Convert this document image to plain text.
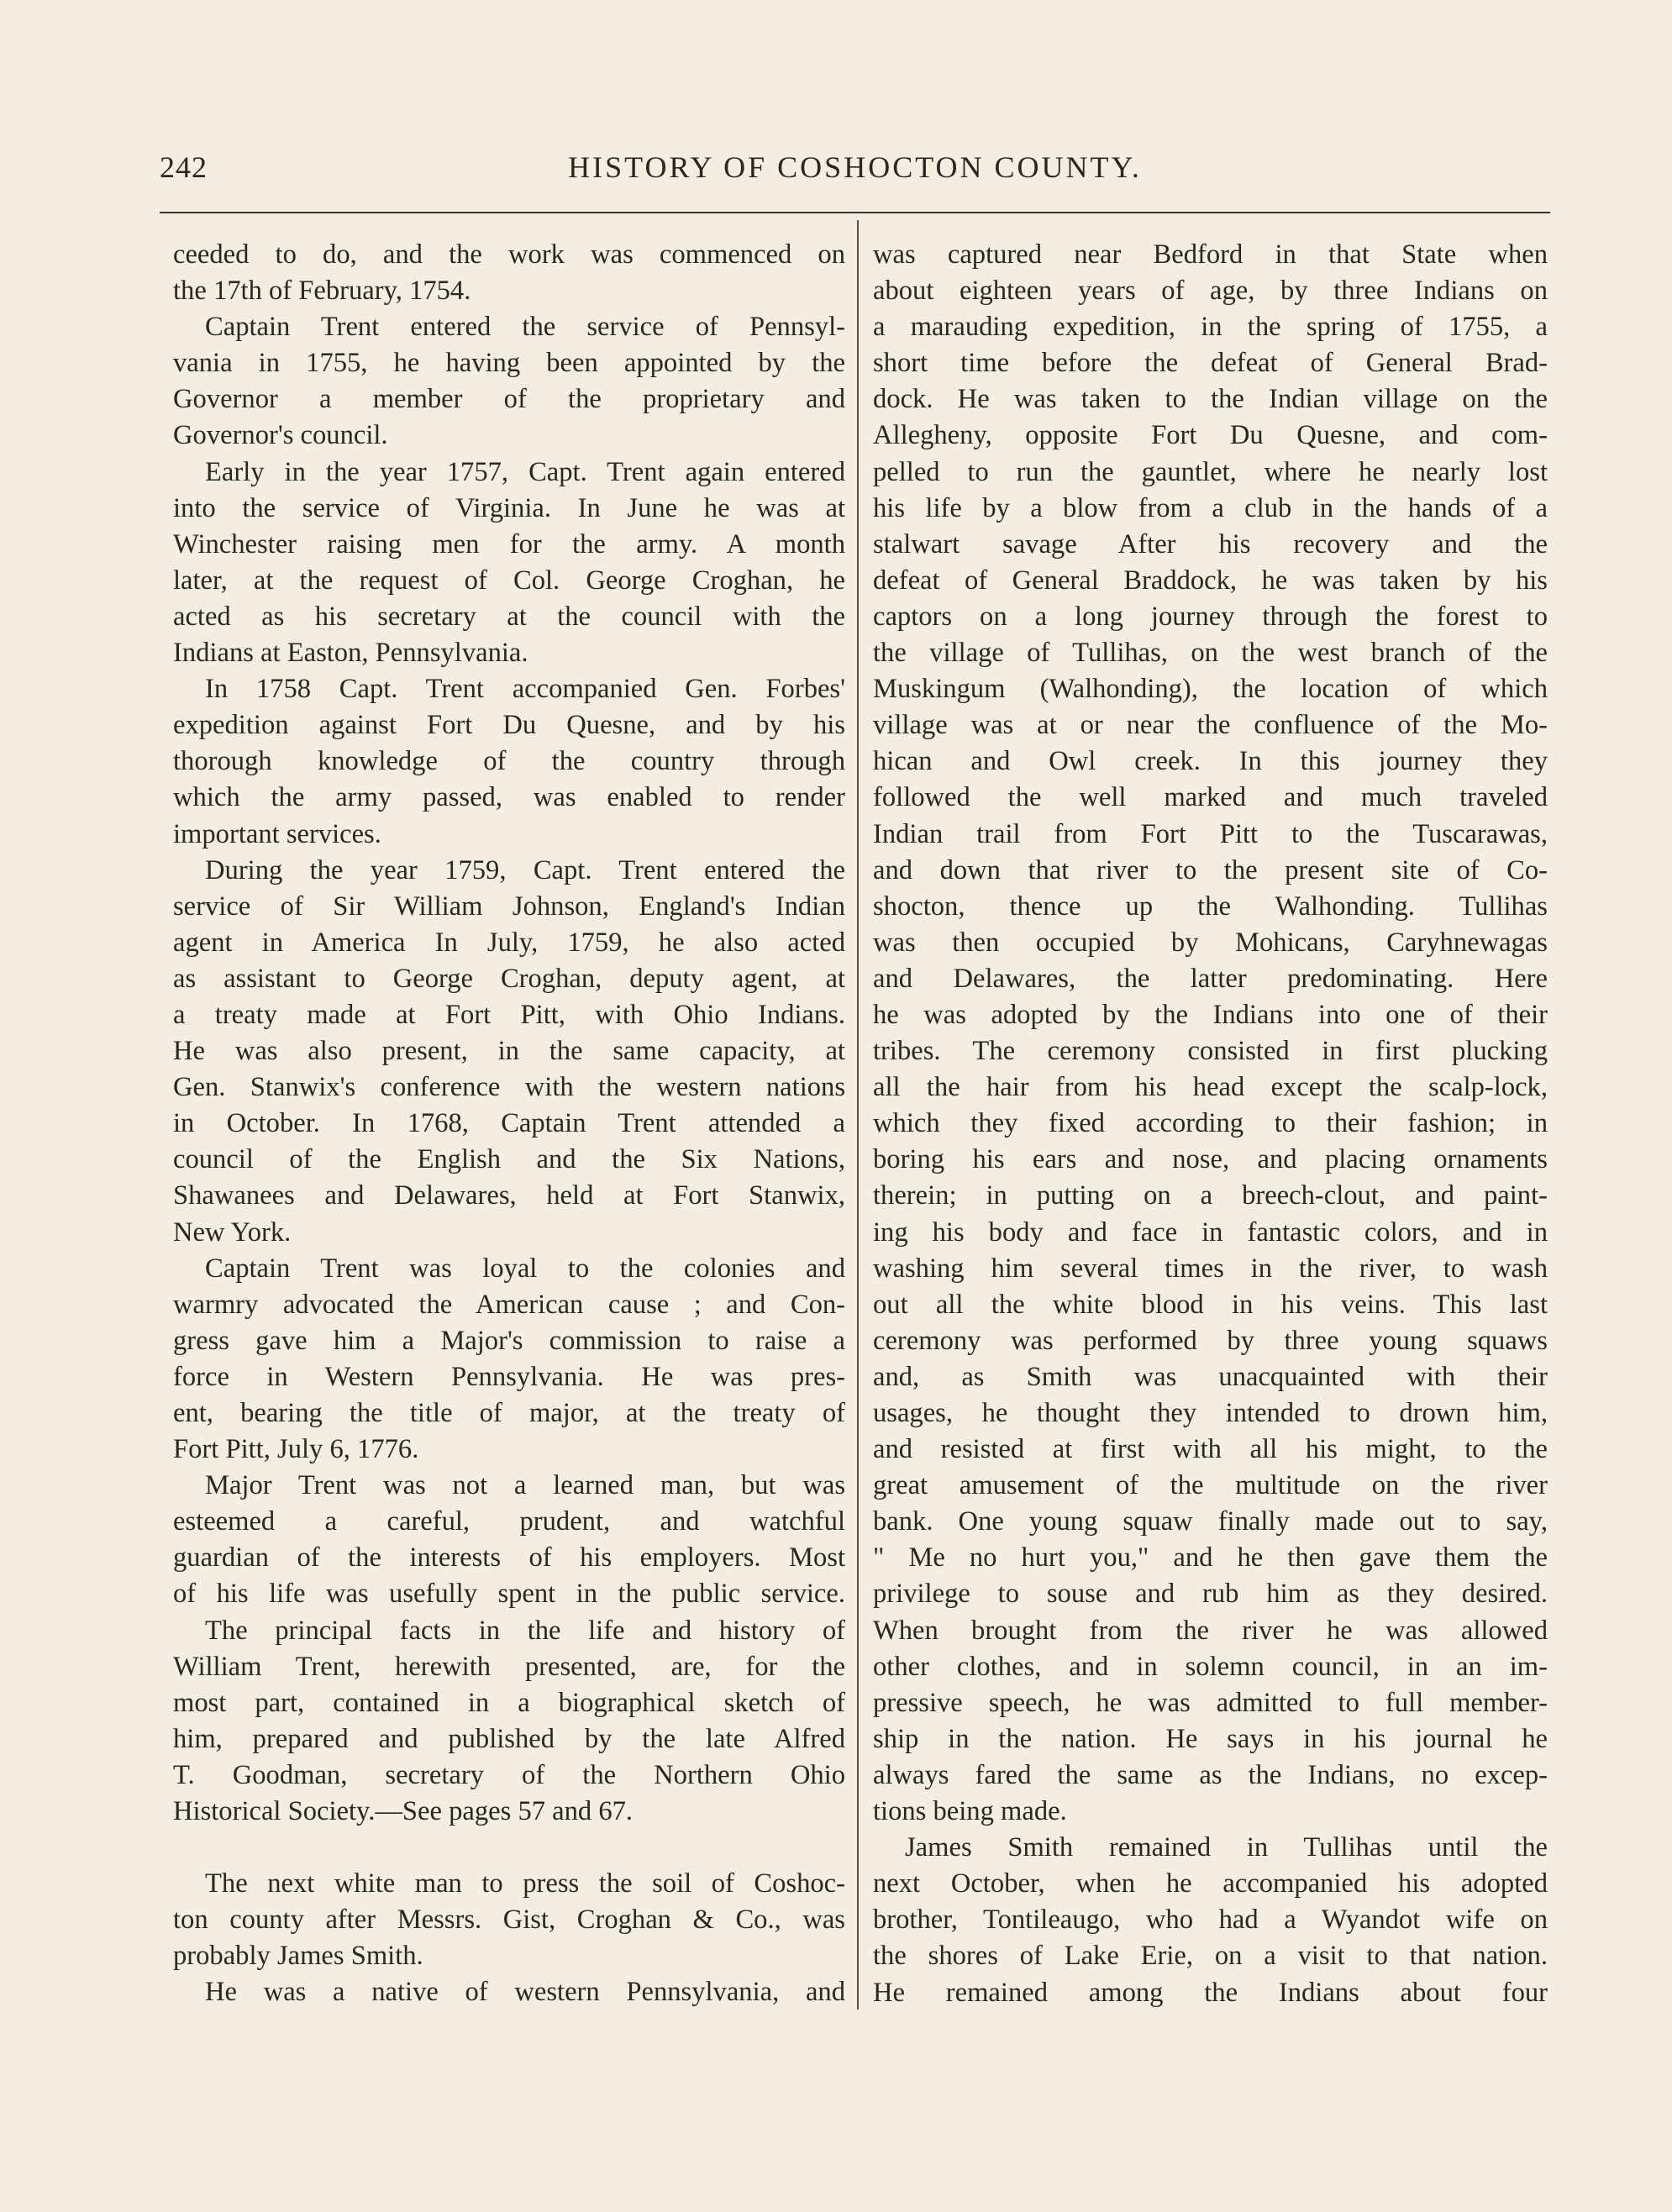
242	HISTORY OF COSHOCTON COUNTY.
ceeded to do, and the work was commenced on
the 17th of February, 1754.
Captain Trent entered the service of Pennsyl-
vania in 1755, he having been appointed by the
Governor a member of the proprietary and
Governor's council.
Early in the year 1757, Capt. Trent again entered
into the service of Virginia. In June he was at
Winchester raising men for the army. A month
later, at the request of Col. George Croghan, he
acted as his secretary at the council with the
Indians at Easton, Pennsylvania.
In 1758 Capt. Trent accompanied Gen. Forbes'
expedition against Fort Du Quesne, and by his
thorough knowledge of the country through
which the army passed, was enabled to render
important services.
During the year 1759, Capt. Trent entered the
service of Sir William Johnson, England's Indian
agent in America In July, 1759, he also acted
as assistant to George Croghan, deputy agent, at
a treaty made at Fort Pitt, with Ohio Indians.
He was also present, in the same capacity, at
Gen. Stanwix's conference with the western nations
in October. In 1768, Captain Trent attended a
council of the English and the Six Nations,
Shawanees and Delawares, held at Fort Stanwix,
New York.
Captain Trent was loyal to the colonies and
warmry advocated the American cause ; and Con-
gress gave him a Major's commission to raise a
force in Western Pennsylvania. He was pres-
ent, bearing the title of major, at the treaty of
Fort Pitt, July 6, 1776.
Major Trent was not a learned man, but was
esteemed a careful, prudent, and watchful
guardian of the interests of his employers. Most
of his life was usefully spent in the public service.
The principal facts in the life and history of
William Trent, herewith presented, are, for the
most part, contained in a biographical sketch of
him, prepared and published by the late Alfred
T. Goodman, secretary of the Northern Ohio
Historical Society.—See pages 57 and 67.
The next white man to press the soil of Coshoc-
ton county after Messrs. Gist, Croghan & Co., was
probably James Smith.
He was a native of western Pennsylvania, and
was captured near Bedford in that State when
about eighteen years of age, by three Indians on
a marauding expedition, in the spring of 1755, a
short time before the defeat of General Brad-
dock. He was taken to the Indian village on the
Allegheny, opposite Fort Du Quesne, and com-
pelled to run the gauntlet, where he nearly lost
his life by a blow from a club in the hands of a
stalwart savage After his recovery and the
defeat of General Braddock, he was taken by his
captors on a long journey through the forest to
the village of Tullihas, on the west branch of the
Muskingum (Walhonding), the location of which
village was at or near the confluence of the Mo-
hican and Owl creek. In this journey they
followed the well marked and much traveled
Indian trail from Fort Pitt to the Tuscarawas,
and down that river to the present site of Co-
shocton, thence up the Walhonding. Tullihas
was then occupied by Mohicans, Caryhnewagas
and Delawares, the latter predominating. Here
he was adopted by the Indians into one of their
tribes. The ceremony consisted in first plucking
all the hair from his head except the scalp-lock,
which they fixed according to their fashion; in
boring his ears and nose, and placing ornaments
therein; in putting on a breech-clout, and paint-
ing his body and face in fantastic colors, and in
washing him several times in the river, to wash
out all the white blood in his veins. This last
ceremony was performed by three young squaws
and, as Smith was unacquainted with their
usages, he thought they intended to drown him,
and resisted at first with all his might, to the
great amusement of the multitude on the river
bank. One young squaw finally made out to say,
" Me no hurt you," and he then gave them the
privilege to souse and rub him as they desired.
When brought from the river he was allowed
other clothes, and in solemn council, in an im-
pressive speech, he was admitted to full member-
ship in the nation. He says in his journal he
always fared the same as the Indians, no excep-
tions being made.
James Smith remained in Tullihas until the
next October, when he accompanied his adopted
brother, Tontileaugo, who had a Wyandot wife on
the shores of Lake Erie, on a visit to that nation.
He remained among the Indians about four
